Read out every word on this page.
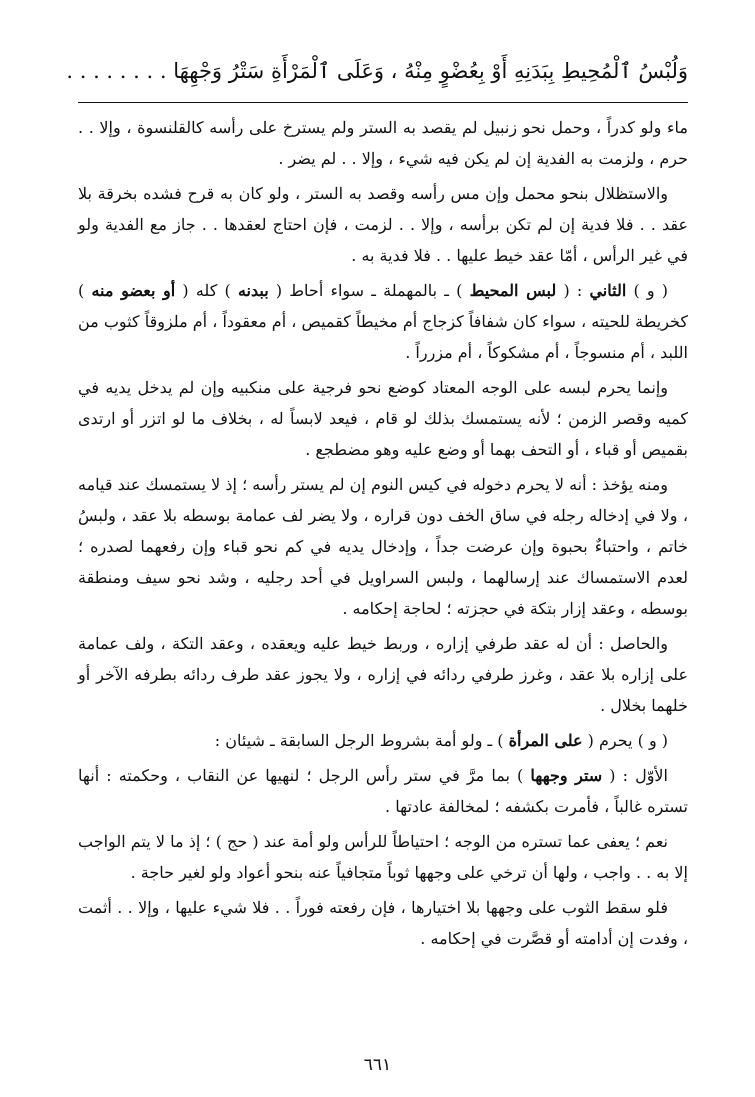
وَلُبْسُ ٱلْمُحِيطِ بِبَدَنِهِ أَوْ بِعُضْوٍ مِنْهُ ، وَعَلَى ٱلْمَرْأَةِ سَتْرُ وَجْهِهَا . . . . . . . .

ماء ولو كدراً ، وحمل نحو زنبيل لم يقصد به الستر ولم يسترخ على رأسه كالقلنسوة ، وإلا . . حرم ، ولزمت به الفدية إن لم يكن فيه شيء ، وإلا . . لم يضر .

والاستظلال بنحو محمل وإن مس رأسه وقصد به الستر ، ولو كان به قرح فشده بخرقة بلا عقد . . فلا فدية إن لم تكن برأسه ، وإلا . . لزمت ، فإن احتاج لعقدها . . جاز مع الفدية ولو في غير الرأس ، أمّا عقد خيط عليها . . فلا فدية به .

( و ) الثاني : ( لبس المحيط ) ـ بالمهملة ـ سواء أحاط ( ببدنه ) كله ( أو بعضو منه ) كخريطة للحيته ، سواء كان شفافاً كزجاج أم مخيطاً كقميص ، أم معقوداً ، أم ملزوقاً كثوب من اللبد ، أم منسوجاً ، أم مشكوكاً ، أم مزرراً .

وإنما يحرم لبسه على الوجه المعتاد كوضع نحو فرجية على منكبيه وإن لم يدخل يديه في كميه وقصر الزمن ؛ لأنه يستمسك بذلك لو قام ، فيعد لابساً له ، بخلاف ما لو اتزر أو ارتدى بقميص أو قباء ، أو التحف بهما أو وضع عليه وهو مضطجع .

ومنه يؤخذ : أنه لا يحرم دخوله في كيس النوم إن لم يستر رأسه ؛ إذ لا يستمسك عند قيامه ، ولا في إدخاله رجله في ساق الخف دون قراره ، ولا يضر لف عمامة بوسطه بلا عقد ، ولبسُ خاتم ، واحتباءٌ بحبوة وإن عرضت جداً ، وإدخال يديه في كم نحو قباء وإن رفعهما لصدره ؛ لعدم الاستمساك عند إرسالهما ، ولبس السراويل في أحد رجليه ، وشد نحو سيف ومنطقة بوسطه ، وعقد إزار بتكة في حجزته ؛ لحاجة إحكامه .

والحاصل : أن له عقد طرفي إزاره ، وربط خيط عليه ويعقده ، وعقد التكة ، ولف عمامة على إزاره بلا عقد ، وغرز طرفي ردائه في إزاره ، ولا يجوز عقد طرف ردائه بطرفه الآخر أو خلهما بخلال .

( و ) يحرم ( على المرأة ) ـ ولو أمة بشروط الرجل السابقة ـ شيئان :

الأوّل : ( ستر وجهها ) بما مرَّ في ستر رأس الرجل ؛ لنهيها عن النقاب ، وحكمته : أنها تستره غالباً ، فأمرت بكشفه ؛ لمخالفة عادتها .

نعم ؛ يعفى عما تستره من الوجه ؛ احتياطاً للرأس ولو أمة عند ( حج ) ؛ إذ ما لا يتم الواجب إلا به . . واجب ، ولها أن ترخي على وجهها ثوباً متجافياً عنه بنحو أعواد ولو لغير حاجة .

فلو سقط الثوب على وجهها بلا اختيارها ، فإن رفعته فوراً . . فلا شيء عليها ، وإلا . . أثمت ، وفدت إن أدامته أو قصَّرت في إحكامه .

٦٦١
